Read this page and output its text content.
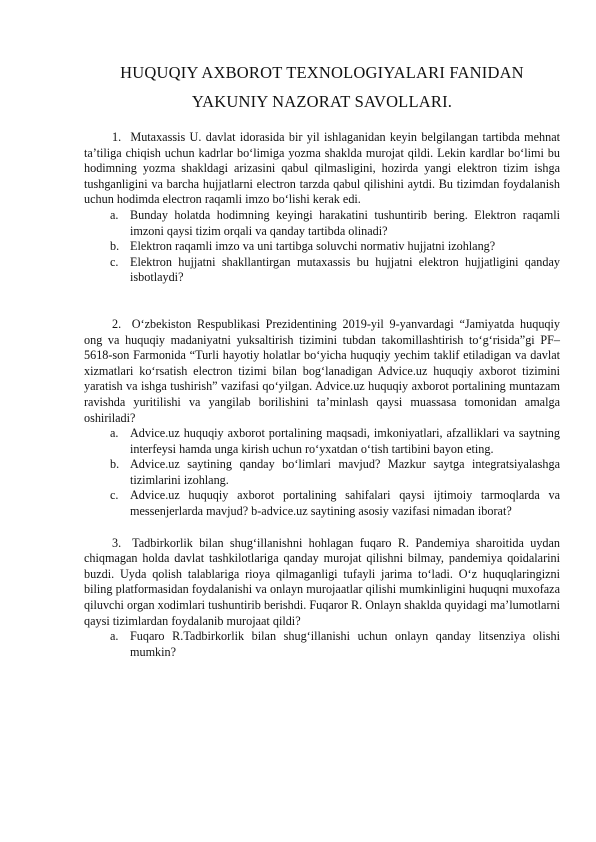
HUQUQIY AXBOROT TEXNOLOGIYALARI FANIDAN
YAKUNIY NAZORAT SAVOLLARI.

1. Mutaxassis U. davlat idorasida bir yil ishlaganidan keyin belgilangan tartibda mehnat ta’tiliga chiqish uchun kadrlar bo‘limiga yozma shaklda murojat qildi. Lekin kardlar bo‘limi bu hodimning yozma shakldagi arizasini qabul qilmasligini, hozirda yangi elektron tizim ishga tushganligini va barcha hujjatlarni electron tarzda qabul qilishini aytdi. Bu tizimdan foydalanish uchun hodimda electron raqamli imzo bo‘lishi kerak edi.

a. Bunday holatda hodimning keyingi harakatini tushuntirib bering. Elektron raqamli imzoni qaysi tizim orqali va qanday tartibda olinadi?
b. Elektron raqamli imzo va uni tartibga soluvchi normativ hujjatni izohlang?
c. Elektron hujjatni shakllantirgan mutaxassis bu hujjatni elektron hujjatligini qanday isbotlaydi?

2. O‘zbekiston Respublikasi Prezidentining 2019-yil 9-yanvardagi “Jamiyatda huquqiy ong va huquqiy madaniyatni yuksaltirish tizimini tubdan takomillashtirish to‘g‘risida”gi PF–5618-son Farmonida “Turli hayotiy holatlar bo‘yicha huquqiy yechim taklif etiladigan va davlat xizmatlari ko‘rsatish electron tizimi bilan bog‘lanadigan Advice.uz huquqiy axborot tizimini yaratish va ishga tushirish” vazifasi qo‘yilgan. Advice.uz huquqiy axborot portalining muntazam ravishda yuritilishi va yangilab borilishini ta’minlash qaysi muassasa tomonidan amalga oshiriladi?

a. Advice.uz huquqiy axborot portalining maqsadi, imkoniyatlari, afzalliklari va saytning interfeysi hamda unga kirish uchun ro‘yxatdan o‘tish tartibini bayon eting.
b. Advice.uz saytining qanday bo‘limlari mavjud? Mazkur saytga integratsiyalashga tizimlarini izohlang.
c. Advice.uz huquqiy axborot portalining sahifalari qaysi ijtimoiy tarmoqlarda va messenjerlarda mavjud? b-advice.uz saytining asosiy vazifasi nimadan iborat?

3. Tadbirkorlik bilan shug‘illanishni hohlagan fuqaro R. Pandemiya sharoitida uydan chiqmagan holda davlat tashkilotlariga qanday murojat qilishni bilmay, pandemiya qoidalarini buzdi. Uyda qolish talablariga rioya qilmaganligi tufayli jarima to‘ladi. O‘z huquqlaringizni biling platformasidan foydalanishi va onlayn murojaatlar qilishi mumkinligini huquqni muxofaza qiluvchi organ xodimlari tushuntirib berishdi. Fuqaror R. Onlayn shaklda quyidagi ma’lumotlarni qaysi tizimlardan foydalanib murojaat qildi?

a. Fuqaro R.Tadbirkorlik bilan shug‘illanishi uchun onlayn qanday litsenziya olishi mumkin?
